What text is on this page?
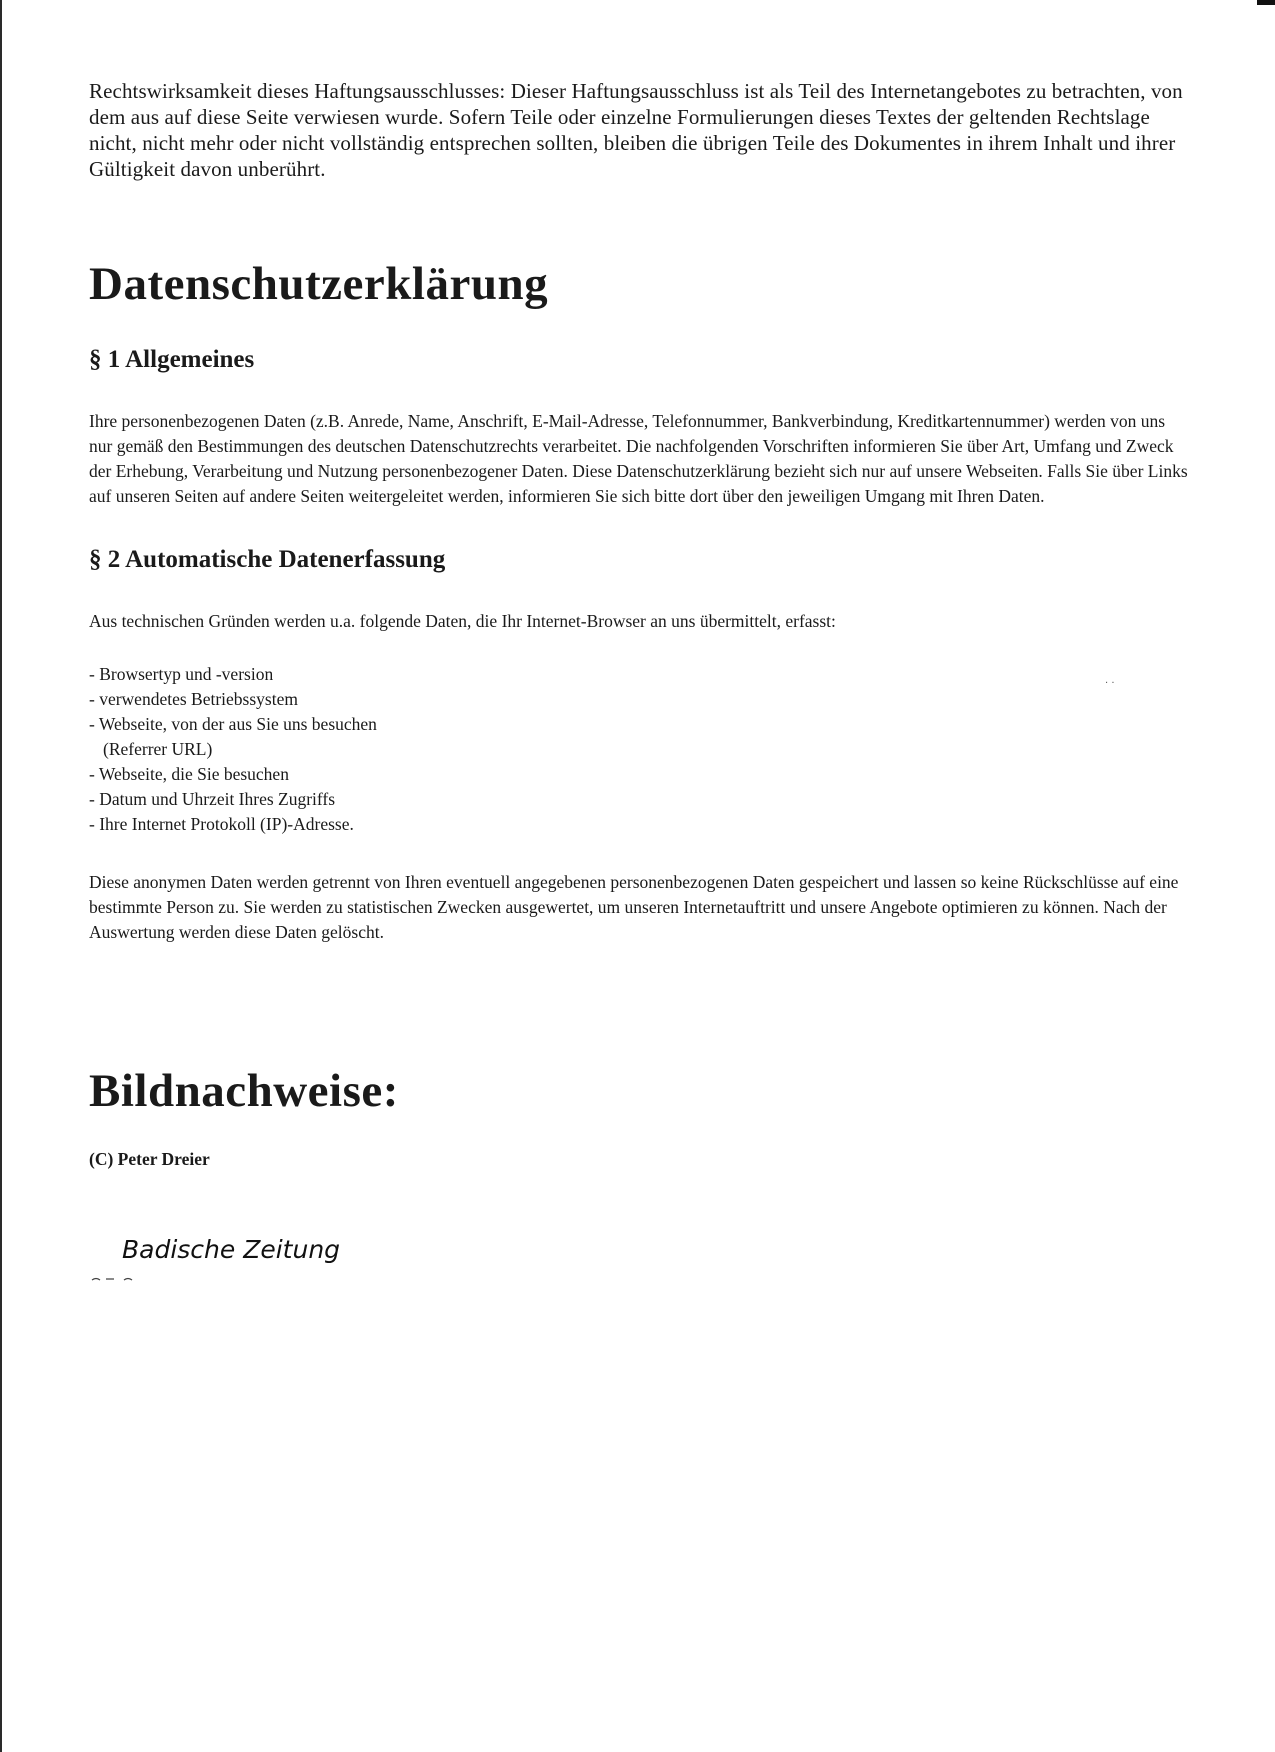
Rechtswirksamkeit dieses Haftungsausschlusses: Dieser Haftungsausschluss ist als Teil des Internetangebotes zu betrachten, von dem aus auf diese Seite verwiesen wurde. Sofern Teile oder einzelne Formulierungen dieses Textes der geltenden Rechtslage nicht, nicht mehr oder nicht vollständig entsprechen sollten, bleiben die übrigen Teile des Dokumentes in ihrem Inhalt und ihrer Gültigkeit davon unberührt.

Datenschutzerklärung
§ 1 Allgemeines

Ihre personenbezogenen Daten (z.B. Anrede, Name, Anschrift, E-Mail-Adresse, Telefonnummer, Bankverbindung, Kreditkartennummer) werden von uns nur gemäß den Bestimmungen des deutschen Datenschutzrechts verarbeitet. Die nachfolgenden Vorschriften informieren Sie über Art, Umfang und Zweck der Erhebung, Verarbeitung und Nutzung personenbezogener Daten. Diese Datenschutzerklärung bezieht sich nur auf unsere Webseiten. Falls Sie über Links auf unseren Seiten auf andere Seiten weitergeleitet werden, informieren Sie sich bitte dort über den jeweiligen Umgang mit Ihren Daten.

§ 2 Automatische Datenerfassung

Aus technischen Gründen werden u.a. folgende Daten, die Ihr Internet-Browser an uns übermittelt, erfasst:

- Browsertyp und -version
- verwendetes Betriebssystem
- Webseite, von der aus Sie uns besuchen
(Referrer URL)
- Webseite, die Sie besuchen
- Datum und Uhrzeit Ihres Zugriffs
- Ihre Internet Protokoll (IP)-Adresse.

Diese anonymen Daten werden getrennt von Ihren eventuell angegebenen personenbezogenen Daten gespeichert und lassen so keine Rückschlüsse auf eine bestimmte Person zu. Sie werden zu statistischen Zwecken ausgewertet, um unseren Internetauftritt und unsere Angebote optimieren zu können. Nach der Auswertung werden diese Daten gelöscht.

Bildnachweise:

(C) Peter Dreier

Badische Zeitung
· ·
